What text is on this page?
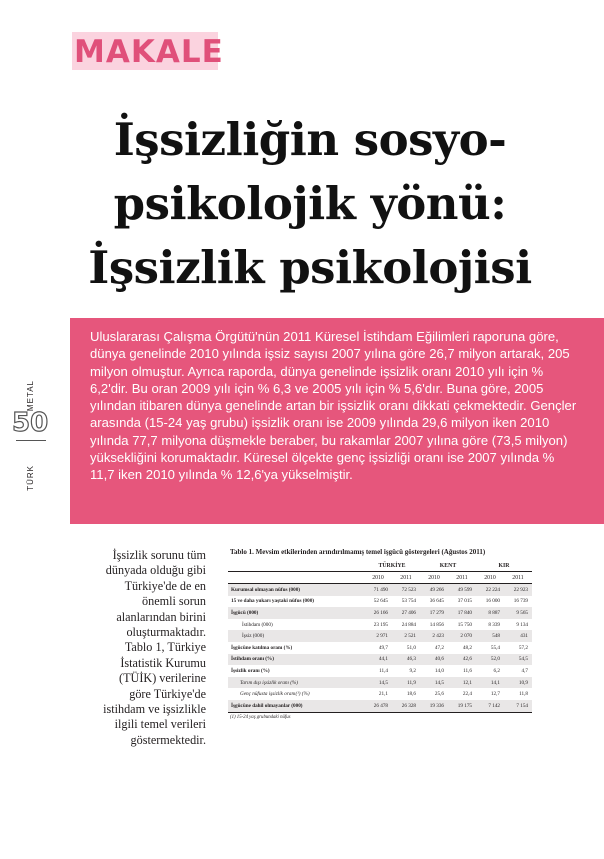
MAKALE
İşsizliğin sosyo-
psikolojik yönü:
İşsizlik psikolojisi
METAL
50
TÜRK

Uluslararası Çalışma Örgütü'nün 2011 Küresel İstihdam Eğilimleri raporuna göre, dünya genelinde 2010 yılında işsiz sayısı 2007 yılına göre 26,7 milyon artarak, 205 milyon olmuştur. Ayrıca raporda, dünya genelinde işsizlik oranı 2010 yılı için % 6,2'dir. Bu oran 2009 yılı için % 6,3 ve 2005 yılı için % 5,6'dır. Buna göre, 2005 yılından itibaren dünya genelinde artan bir işsizlik oranı dikkati çekmektedir. Gençler arasında (15-24 yaş grubu) işsizlik oranı ise 2009 yılında 29,6 milyon iken 2010 yılında 77,7 milyona düşmekle beraber, bu rakamlar 2007 yılına göre (73,5 milyon) yüksekliğini korumaktadır. Küresel ölçekte genç işsizliği oranı ise 2007 yılında % 11,7 iken 2010 yılında % 12,6'ya yükselmiştir.

İşsizlik sorunu tüm dünyada olduğu gibi Türkiye'de de en önemli sorun alanlarından birini oluşturmaktadır. Tablo 1, Türkiye İstatistik Kurumu (TÜİK) verilerine göre Türkiye'de istihdam ve işsizlikle ilgili temel verileri göstermektedir.

Tablo 1. Mevsim etkilerinden arındırılmamış temel işgücü göstergeleri (Ağustos 2011)
	TÜRKİYE		KENT		KIR	
	2010	2011	2010	2011	2010	2011
Kurumsal olmayan nüfus (000)	71 490	72 523	49 266	49 599	22 224	22 923
15 ve daha yukarı yaştaki nüfus (000)	52 645	53 754	36 645	37 015	16 000	16 739
İşgücü (000)	26 166	27 406	17 279	17 840	8 887	9 565
İstihdam (000)	23 195	24 884	14 856	15 750	8 339	9 134
İşsiz (000)	2 971	2 521	2 423	2 070	548	431
İşgücüne katılma oranı (%)	49,7	51,0	47,2	48,2	55,4	57,2
İstihdam oranı (%)	44,1	46,3	40,6	42,6	52,0	54,5
İşsizlik oranı (%)	11,4	9,2	14,0	11,6	6,2	4,7
Tarım dışı işsizlik oranı (%)	14,5	11,9	14,5	12,1	14,1	10,9
Genç nüfusta işsizlik oranı(¹) (%)	21,1	18,6	25,6	22,4	12,7	11,8
İşgücüne dahil olmayanlar (000)	26 478	26 328	19 336	19 175	7 142	7 154
(1) 15-24 yaş grubundaki nüfus
